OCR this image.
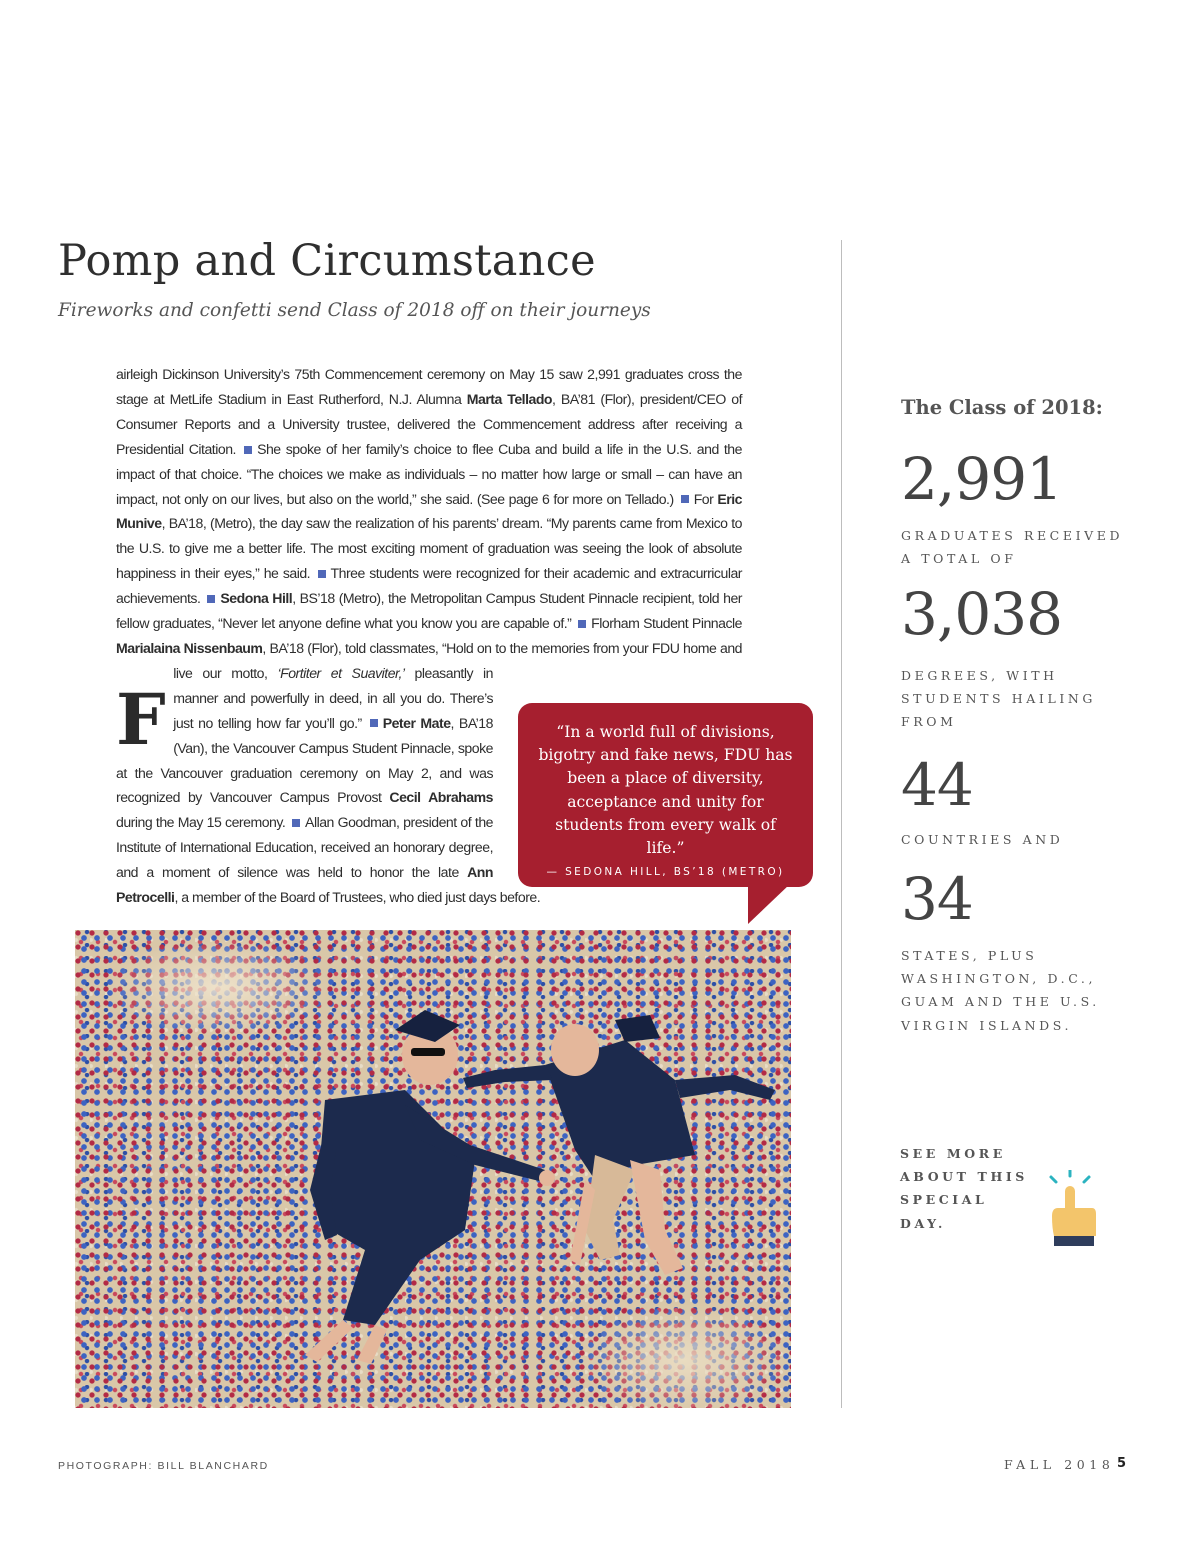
Pomp and Circumstance

Fireworks and confetti send Class of 2018 off on their journeys

F

airleigh Dickinson University’s 75th Commencement ceremony on May 15 saw 2,991 graduates cross the stage at MetLife Stadium in East Rutherford, N.J. Alumna Marta Tellado, BA’81 (Flor), president/CEO of Consumer Reports and a University trustee, delivered the Commencement address after receiving a Presidential Citation. She spoke of her family’s choice to flee Cuba and build a life in the U.S. and the impact of that choice. “The choices we make as individuals – no matter how large or small – can have an impact, not only on our lives, but also on the world,” she said. (See page 6 for more on Tellado.) For Eric Munive, BA’18, (Metro), the day saw the realization of his parents’ dream. “My parents came from Mexico to the U.S. to give me a better life. The most exciting moment of graduation was seeing the look of absolute happiness in their eyes,” he said. Three students were recognized for their academic and extracurricular achievements. Sedona Hill, BS’18 (Metro), the Metropolitan Campus Student Pinnacle recipient, told her fellow graduates, “Never let anyone define what you know you are capable of.” Florham Student Pinnacle Marialaina Nissenbaum, BA’18 (Flor), told classmates, “Hold on to the memories from your FDU home and live our motto, ‘Fortiter et Suaviter,’ pleasantly in manner and powerfully in deed, in all you do. There’s just no telling how far you’ll go.” Peter Mate, BA’18 (Van), the Vancouver Campus Student Pinnacle, spoke at the Vancouver graduation ceremony on May 2, and was recognized by Vancouver Campus Provost Cecil Abrahams during the May 15 ceremony. Allan Goodman, president of the Institute of International Education, received an honorary degree, and a moment of silence was held to honor the late Ann Petrocelli, a member of the Board of Trustees, who died just days before.

“In a world full of divisions, bigotry and fake news, FDU has been a place of diversity, acceptance and unity for students from every walk of life.”

— SEDONA HILL, BS’18 (METRO)

The Class of 2018:

2,991

GRADUATES RECEIVED A TOTAL OF

3,038

DEGREES, WITH STUDENTS HAILING FROM

44

COUNTRIES AND

34

STATES, PLUS WASHINGTON, D.C., GUAM AND THE U.S. VIRGIN ISLANDS.

SEE MORE ABOUT THIS SPECIAL DAY.

PHOTOGRAPH: BILL BLANCHARD	FALL 2018 5
